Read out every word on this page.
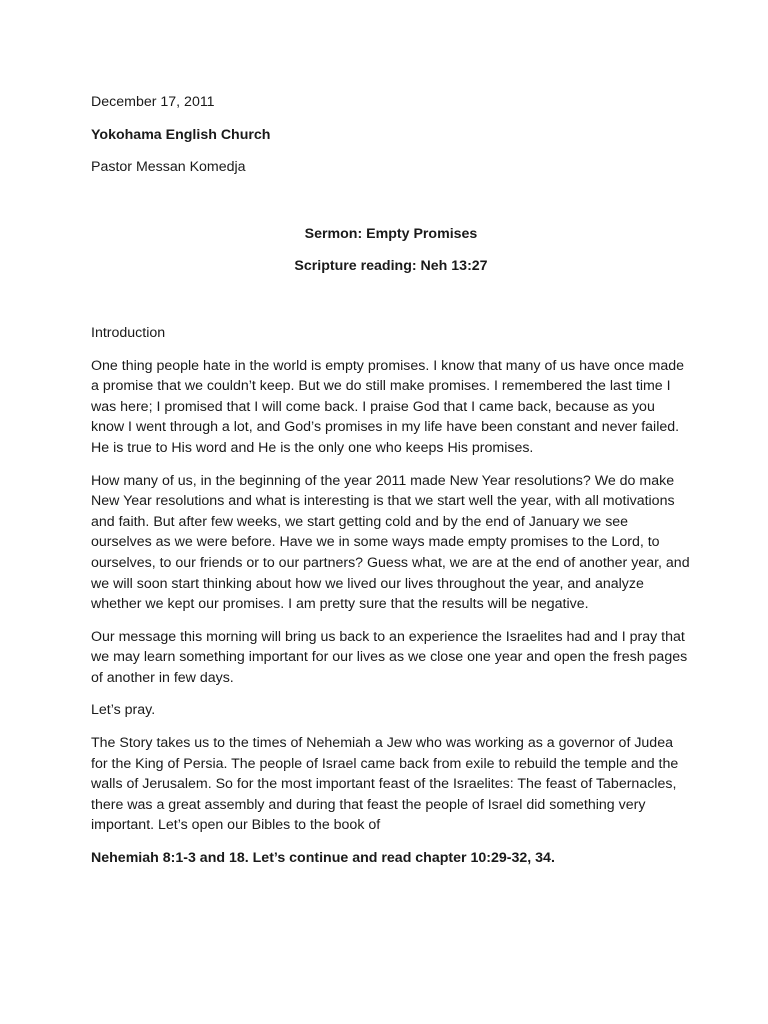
December 17, 2011

Yokohama English Church

Pastor Messan Komedja

Sermon: Empty Promises

Scripture reading: Neh 13:27

Introduction

One thing people hate in the world is empty promises. I know that many of us have once made a promise that we couldn’t keep. But we do still make promises. I remembered the last time I was here; I promised that I will come back. I praise God that I came back, because as you know I went through a lot, and God’s promises in my life have been constant and never failed. He is true to His word and He is the only one who keeps His promises.

How many of us, in the beginning of the year 2011 made New Year resolutions? We do make New Year resolutions and what is interesting is that we start well the year, with all motivations and faith. But after few weeks, we start getting cold and by the end of January we see ourselves as we were before. Have we in some ways made empty promises to the Lord, to ourselves, to our friends or to our partners? Guess what, we are at the end of another year, and we will soon start thinking about how we lived our lives throughout the year, and analyze whether we kept our promises. I am pretty sure that the results will be negative.

Our message this morning will bring us back to an experience the Israelites had and I pray that we may learn something important for our lives as we close one year and open the fresh pages of another in few days.

Let’s pray.

The Story takes us to the times of Nehemiah a Jew who was working as a governor of Judea for the King of Persia. The people of Israel came back from exile to rebuild the temple and the walls of Jerusalem. So for the most important feast of the Israelites: The feast of Tabernacles, there was a great assembly and during that feast the people of Israel did something very important. Let’s open our Bibles to the book of

Nehemiah 8:1-3 and 18. Let’s continue and read chapter 10:29-32, 34.
